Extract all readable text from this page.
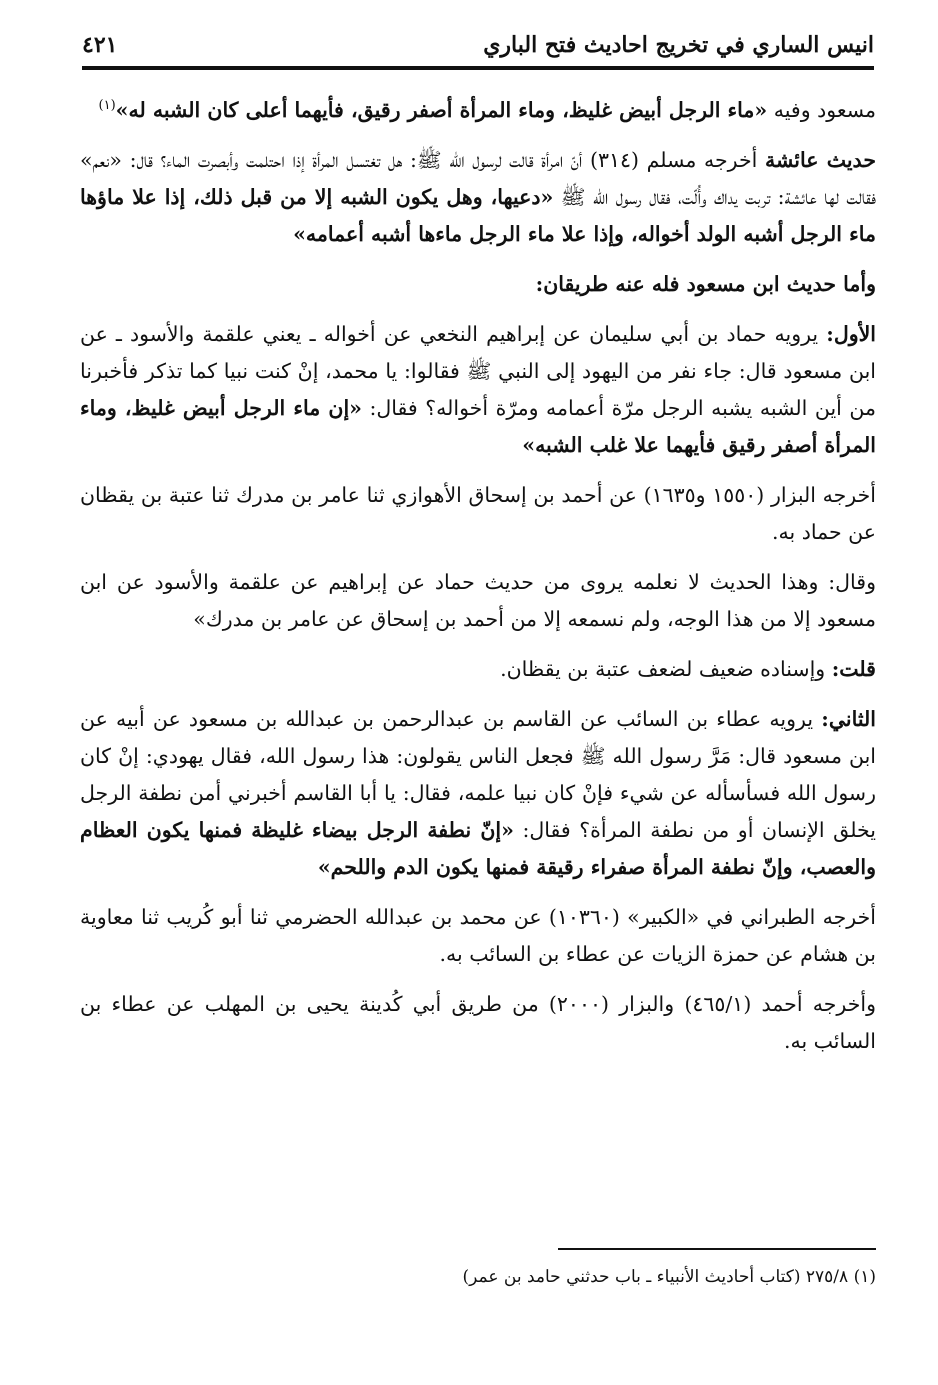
انيس الساري في تخريج احاديث فتح الباري
٤٢١

مسعود وفيه «ماء الرجل أبيض غليظ، وماء المرأة أصفر رقيق، فأيهما أعلى كان الشبه له»$^{(١)}$

حديث عائشة أخرجه مسلم (٣١٤) أنّ امرأة قالت لرسول الله ﷺ: هل تغتسل المرأة إذا احتلمت وأبصرت الماء؟ قال: «نعم» فقالت لها عائشة: تربت يداك وأُلّت، فقال رسول الله ﷺ «دعيها، وهل يكون الشبه إلا من قبل ذلك، إذا علا ماؤها ماء الرجل أشبه الولد أخواله، وإذا علا ماء الرجل ماءها أشبه أعمامه»

وأما حديث ابن مسعود فله عنه طريقان:

الأول: يرويه حماد بن أبي سليمان عن إبراهيم النخعي عن أخواله ـ يعني علقمة والأسود ـ عن ابن مسعود قال: جاء نفر من اليهود إلى النبي ﷺ فقالوا: يا محمد، إنْ كنت نبيا كما تذكر فأخبرنا من أين الشبه يشبه الرجل مرّة أعمامه ومرّة أخواله؟ فقال: «إن ماء الرجل أبيض غليظ، وماء المرأة أصفر رقيق فأيهما علا غلب الشبه»

أخرجه البزار (١٥٥٠ و١٦٣٥) عن أحمد بن إسحاق الأهوازي ثنا عامر بن مدرك ثنا عتبة بن يقظان عن حماد به.

وقال: وهذا الحديث لا نعلمه يروى من حديث حماد عن إبراهيم عن علقمة والأسود عن ابن مسعود إلا من هذا الوجه، ولم نسمعه إلا من أحمد بن إسحاق عن عامر بن مدرك»

قلت: وإسناده ضعيف لضعف عتبة بن يقظان.

الثاني: يرويه عطاء بن السائب عن القاسم بن عبدالرحمن بن عبدالله بن مسعود عن أبيه عن ابن مسعود قال: مَرَّ رسول الله ﷺ فجعل الناس يقولون: هذا رسول الله، فقال يهودي: إنْ كان رسول الله فسأسأله عن شيء فإنْ كان نبيا علمه، فقال: يا أبا القاسم أخبرني أمن نطفة الرجل يخلق الإنسان أو من نطفة المرأة؟ فقال: «إنّ نطفة الرجل بيضاء غليظة فمنها يكون العظام والعصب، وإنّ نطفة المرأة صفراء رقيقة فمنها يكون الدم واللحم»

أخرجه الطبراني في «الكبير» (١٠٣٦٠) عن محمد بن عبدالله الحضرمي ثنا أبو كُريب ثنا معاوية بن هشام عن حمزة الزيات عن عطاء بن السائب به.

وأخرجه أحمد (٤٦٥/١) والبزار (٢٠٠٠) من طريق أبي كُدينة يحيى بن المهلب عن عطاء بن السائب به.

(١) ٢٧٥/٨ (كتاب أحاديث الأنبياء ـ باب حدثني حامد بن عمر)
